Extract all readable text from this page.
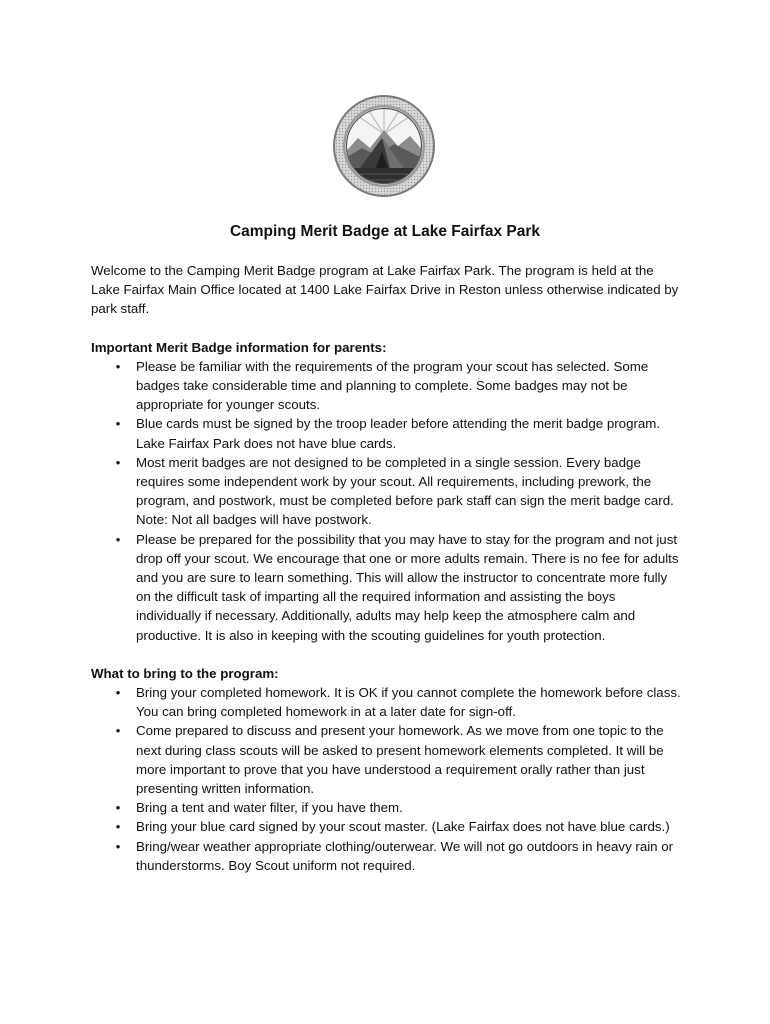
Camping Merit Badge at Lake Fairfax Park

Welcome to the Camping Merit Badge program at Lake Fairfax Park. The program is held at the Lake Fairfax Main Office located at 1400 Lake Fairfax Drive in Reston unless otherwise indicated by park staff.

Important Merit Badge information for parents:

• Please be familiar with the requirements of the program your scout has selected. Some badges take considerable time and planning to complete. Some badges may not be appropriate for younger scouts.
• Blue cards must be signed by the troop leader before attending the merit badge program. Lake Fairfax Park does not have blue cards.
• Most merit badges are not designed to be completed in a single session. Every badge requires some independent work by your scout. All requirements, including prework, the program, and postwork, must be completed before park staff can sign the merit badge card. Note: Not all badges will have postwork.
• Please be prepared for the possibility that you may have to stay for the program and not just drop off your scout. We encourage that one or more adults remain. There is no fee for adults and you are sure to learn something. This will allow the instructor to concentrate more fully on the difficult task of imparting all the required information and assisting the boys individually if necessary. Additionally, adults may help keep the atmosphere calm and productive. It is also in keeping with the scouting guidelines for youth protection.

What to bring to the program:

• Bring your completed homework. It is OK if you cannot complete the homework before class. You can bring completed homework in at a later date for sign-off.
• Come prepared to discuss and present your homework. As we move from one topic to the next during class scouts will be asked to present homework elements completed. It will be more important to prove that you have understood a requirement orally rather than just presenting written information.
• Bring a tent and water filter, if you have them.
• Bring your blue card signed by your scout master. (Lake Fairfax does not have blue cards.)
• Bring/wear weather appropriate clothing/outerwear. We will not go outdoors in heavy rain or thunderstorms. Boy Scout uniform not required.
